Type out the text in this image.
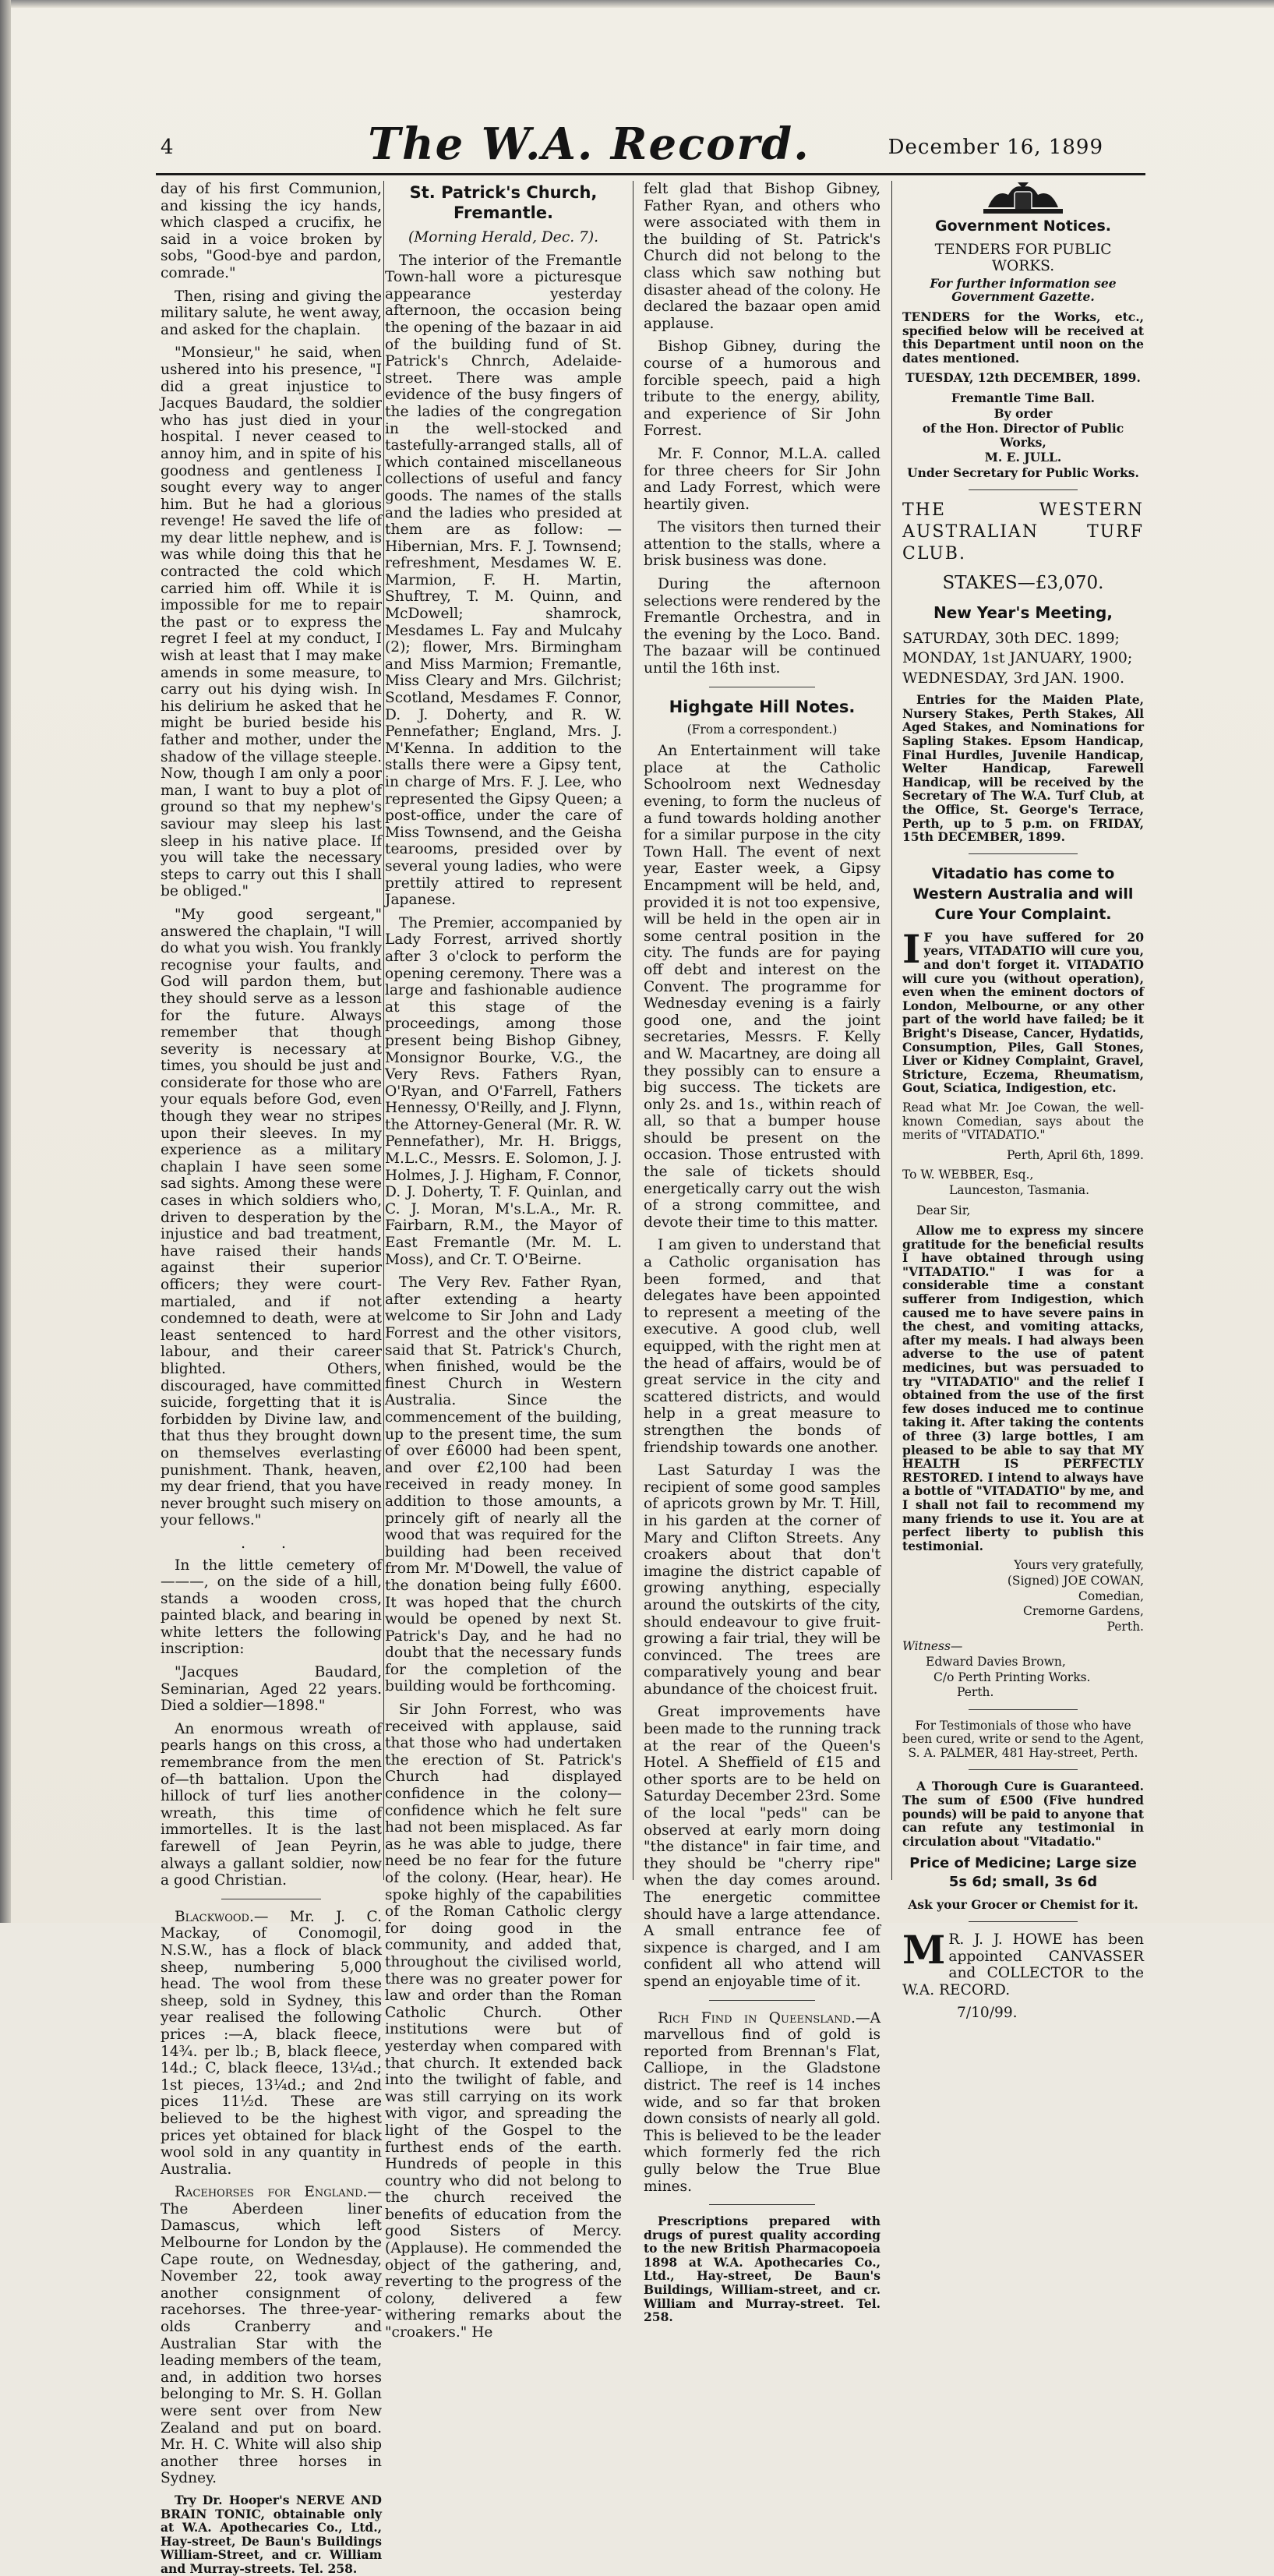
4	The W.A. Record.	December 16, 1899

day of his first Communion, and kissing the icy hands, which clasped a crucifix, he said in a voice broken by sobs, "Good-bye and pardon, comrade."

Then, rising and giving the military salute, he went away, and asked for the chaplain.

"Monsieur," he said, when ushered into his presence, "I did a great injustice to Jacques Baudard, the soldier who has just died in your hospital. I never ceased to annoy him, and in spite of his goodness and gentleness I sought every way to anger him. But he had a glorious revenge! He saved the life of my dear little nephew, and is was while doing this that he contracted the cold which carried him off. While it is impossible for me to repair the past or to express the regret I feel at my conduct, I wish at least that I may make amends in some measure, to carry out his dying wish. In his delirium he asked that he might be buried beside his father and mother, under the shadow of the village steeple. Now, though I am only a poor man, I want to buy a plot of ground so that my nephew's saviour may sleep his last sleep in his native place. If you will take the necessary steps to carry out this I shall be obliged."

"My good sergeant," answered the chaplain, "I will do what you wish. You frankly recognise your faults, and God will pardon them, but they should serve as a lesson for the future. Always remember that though severity is necessary at times, you should be just and considerate for those who are your equals before God, even though they wear no stripes upon their sleeves. In my experience as a military chaplain I have seen some sad sights. Among these were cases in which soldiers who, driven to desperation by the injustice and bad treatment, have raised their hands against their superior officers; they were court-martialed, and if not condemned to death, were at least sentenced to hard labour, and their career blighted. Others, discouraged, have committed suicide, forgetting that it is forbidden by Divine law, and that thus they brought down on themselves everlasting punishment. Thank, heaven, my dear friend, that you have never brought such misery on your fellows."

. .

In the little cemetery of———, on the side of a hill, stands a wooden cross, painted black, and bearing in white letters the following inscription:

"Jacques Baudard, Seminarian, Aged 22 years. Died a soldier—1898."

An enormous wreath of pearls hangs on this cross, a remembrance from the men of—th battalion. Upon the hillock of turf lies another wreath, this time of immortelles. It is the last farewell of Jean Peyrin, always a gallant soldier, now a good Christian.

Blackwood.— Mr. J. C. Mackay, of Conomogil, N.S.W., has a flock of black sheep, numbering 5,000 head. The wool from these sheep, sold in Sydney, this year realised the following prices :—A, black fleece, 14¾. per lb.; B, black fleece, 14d.; C, black fleece, 13¼d.; 1st pieces, 13¼d.; and 2nd pices 11½d. These are believed to be the highest prices yet obtained for black wool sold in any quantity in Australia.

Racehorses for England.—The Aberdeen liner Damascus, which left Melbourne for London by the Cape route, on Wednesday, November 22, took away another consignment of racehorses. The three-year-olds Cranberry and Australian Star with the leading members of the team, and, in addition two horses belonging to Mr. S. H. Gollan were sent over from New Zealand and put on board. Mr. H. C. White will also ship another three horses in Sydney.

Try Dr. Hooper's NERVE AND BRAIN TONIC, obtainable only at W.A. Apothecaries Co., Ltd., Hay-street, De Baun's Buildings William-Street, and cr. William and Murray-streets. Tel. 258.

St. Patrick's Church, Fremantle.

(Morning Herald, Dec. 7).

The interior of the Fremantle Town-hall wore a picturesque appearance yesterday afternoon, the occasion being the opening of the bazaar in aid of the building fund of St. Patrick's Chnrch, Adelaide-street. There was ample evidence of the busy fingers of the ladies of the congregation in the well-stocked and tastefully-arranged stalls, all of which contained miscellaneous collections of useful and fancy goods. The names of the stalls and the ladies who presided at them are as follow: —Hibernian, Mrs. F. J. Townsend; refreshment, Mesdames W. E. Marmion, F. H. Martin, Shuftrey, T. M. Quinn, and McDowell; shamrock, Mesdames L. Fay and Mulcahy (2); flower, Mrs. Birmingham and Miss Marmion; Fremantle, Miss Cleary and Mrs. Gilchrist; Scotland, Mesdames F. Connor, D. J. Doherty, and R. W. Pennefather; England, Mrs. J. M'Kenna. In addition to the stalls there were a Gipsy tent, in charge of Mrs. F. J. Lee, who represented the Gipsy Queen; a post-office, under the care of Miss Townsend, and the Geisha tearooms, presided over by several young ladies, who were prettily attired to represent Japanese.

The Premier, accompanied by Lady Forrest, arrived shortly after 3 o'clock to perform the opening ceremony. There was a large and fashionable audience at this stage of the proceedings, among those present being Bishop Gibney, Monsignor Bourke, V.G., the Very Revs. Fathers Ryan, O'Ryan, and O'Farrell, Fathers Hennessy, O'Reilly, and J. Flynn, the Attorney-General (Mr. R. W. Pennefather), Mr. H. Briggs, M.L.C., Messrs. E. Solomon, J. J. Holmes, J. J. Higham, F. Connor, D. J. Doherty, T. F. Quinlan, and C. J. Moran, M's.L.A., Mr. R. Fairbarn, R.M., the Mayor of East Fremantle (Mr. M. L. Moss), and Cr. T. O'Beirne.

The Very Rev. Father Ryan, after extending a hearty welcome to Sir John and Lady Forrest and the other visitors, said that St. Patrick's Church, when finished, would be the finest Church in Western Australia. Since the commencement of the building, up to the present time, the sum of over £6000 had been spent, and over £2,100 had been received in ready money. In addition to those amounts, a princely gift of nearly all the wood that was required for the building had been received from Mr. M'Dowell, the value of the donation being fully £600. It was hoped that the church would be opened by next St. Patrick's Day, and he had no doubt that the necessary funds for the completion of the building would be forthcoming.

Sir John Forrest, who was received with applause, said that those who had undertaken the erection of St. Patrick's Church had displayed confidence in the colony—confidence which he felt sure had not been misplaced. As far as he was able to judge, there need be no fear for the future of the colony. (Hear, hear). He spoke highly of the capabilities of the Roman Catholic clergy for doing good in the community, and added that, throughout the civilised world, there was no greater power for law and order than the Roman Catholic Church. Other institutions were but of yesterday when compared with that church. It extended back into the twilight of fable, and was still carrying on its work with vigor, and spreading the light of the Gospel to the furthest ends of the earth. Hundreds of people in this country who did not belong to the church received the benefits of education from the good Sisters of Mercy. (Applause). He commended the object of the gathering, and, reverting to the progress of the colony, delivered a few withering remarks about the "croakers." He

felt glad that Bishop Gibney, Father Ryan, and others who were associated with them in the building of St. Patrick's Church did not belong to the class which saw nothing but disaster ahead of the colony. He declared the bazaar open amid applause.

Bishop Gibney, during the course of a humorous and forcible speech, paid a high tribute to the energy, ability, and experience of Sir John Forrest.

Mr. F. Connor, M.L.A. called for three cheers for Sir John and Lady Forrest, which were heartily given.

The visitors then turned their attention to the stalls, where a brisk business was done.

During the afternoon selections were rendered by the Fremantle Orchestra, and in the evening by the Loco. Band. The bazaar will be continued until the 16th inst.

Highgate Hill Notes.

(From a correspondent.)

An Entertainment will take place at the Catholic Schoolroom next Wednesday evening, to form the nucleus of a fund towards holding another for a similar purpose in the city Town Hall. The event of next year, Easter week, a Gipsy Encampment will be held, and, provided it is not too expensive, will be held in the open air in some central position in the city. The funds are for paying off debt and interest on the Convent. The programme for Wednesday evening is a fairly good one, and the joint secretaries, Messrs. F. Kelly and W. Macartney, are doing all they possibly can to ensure a big success. The tickets are only 2s. and 1s., within reach of all, so that a bumper house should be present on the occasion. Those entrusted with the sale of tickets should energetically carry out the wish of a strong committee, and devote their time to this matter.

I am given to understand that a Catholic organisation has been formed, and that delegates have been appointed to represent a meeting of the executive. A good club, well equipped, with the right men at the head of affairs, would be of great service in the city and scattered districts, and would help in a great measure to strengthen the bonds of friendship towards one another.

Last Saturday I was the recipient of some good samples of apricots grown by Mr. T. Hill, in his garden at the corner of Mary and Clifton Streets. Any croakers about that don't imagine the district capable of growing anything, especially around the outskirts of the city, should endeavour to give fruit-growing a fair trial, they will be convinced. The trees are comparatively young and bear abundance of the choicest fruit.

Great improvements have been made to the running track at the rear of the Queen's Hotel. A Sheffield of £15 and other sports are to be held on Saturday December 23rd. Some of the local "peds" can be observed at early morn doing "the distance" in fair time, and they should be "cherry ripe" when the day comes around. The energetic committee should have a large attendance. A small entrance fee of sixpence is charged, and I am confident all who attend will spend an enjoyable time of it.

Rich Find in Queensland.—A marvellous find of gold is reported from Brennan's Flat, Calliope, in the Gladstone district. The reef is 14 inches wide, and so far that broken down consists of nearly all gold. This is believed to be the leader which formerly fed the rich gully below the True Blue mines.

Prescriptions prepared with drugs of purest quality according to the new British Pharmacopoeia 1898 at W.A. Apothecaries Co., Ltd., Hay-street, De Baun's Buildings, William-street, and cr. William and Murray-street. Tel. 258.

Government Notices.

TENDERS FOR PUBLIC WORKS.

For further information see Government Gazette.

TENDERS for the Works, etc., specified below will be received at this Department until noon on the dates mentioned.

TUESDAY, 12th DECEMBER, 1899.

Fremantle Time Ball.

By order

of the Hon. Director of Public Works,

M. E. JULL.

Under Secretary for Public Works.

THE WESTERN AUSTRALIAN TURF CLUB.

STAKES—£3,070.

New Year's Meeting,

SATURDAY, 30th DEC. 1899;

MONDAY, 1st JANUARY, 1900;

WEDNESDAY, 3rd JAN. 1900.

Entries for the Maiden Plate, Nursery Stakes, Perth Stakes, All Aged Stakes, and Nominations for Sapling Stakes. Epsom Handicap, Final Hurdles, Juvenile Handicap, Welter Handicap, Farewell Handicap, will be received by the Secretary of The W.A. Turf Club, at the Office, St. George's Terrace, Perth, up to 5 p.m. on FRIDAY, 15th DECEMBER, 1899.

Vitadatio has come to Western Australia and will Cure Your Complaint.

I F you have suffered for 20 years, VITADATIO will cure you, and don't forget it. VITADATIO will cure you (without operation), even when the eminent doctors of London, Melbourne, or any other part of the world have failed; be it Bright's Disease, Cancer, Hydatids, Consumption, Piles, Gall Stones, Liver or Kidney Complaint, Gravel, Stricture, Eczema, Rheumatism, Gout, Sciatica, Indigestion, etc.

Read what Mr. Joe Cowan, the well-known Comedian, says about the merits of "VITADATIO."

Perth, April 6th, 1899.

To W. WEBBER, Esq.,

Launceston, Tasmania.

Dear Sir,

Allow me to express my sincere gratitude for the beneficial results I have obtained through using "VITADATIO." I was for a considerable time a constant sufferer from Indigestion, which caused me to have severe pains in the chest, and vomiting attacks, after my meals. I had always been adverse to the use of patent medicines, but was persuaded to try "VITADATIO" and the relief I obtained from the use of the first few doses induced me to continue taking it. After taking the contents of three (3) large bottles, I am pleased to be able to say that MY HEALTH IS PERFECTLY RESTORED. I intend to always have a bottle of "VITADATIO" by me, and I shall not fail to recommend my many friends to use it. You are at perfect liberty to publish this testimonial.

Yours very gratefully,

(Signed) JOE COWAN,

Comedian,

Cremorne Gardens,

Perth.

Witness—

Edward Davies Brown,

C/o Perth Printing Works.

Perth.

For Testimonials of those who have been cured, write or send to the Agent, S. A. PALMER, 481 Hay-street, Perth.

A Thorough Cure is Guaranteed. The sum of £500 (Five hundred pounds) will be paid to anyone that can refute any testimonial in circulation about "Vitadatio."

Price of Medicine; Large size 5s 6d; small, 3s 6d

Ask your Grocer or Chemist for it.

M R. J. J. HOWE has been appointed CANVASSER and COLLECTOR to the W.A. RECORD.

7/10/99.
